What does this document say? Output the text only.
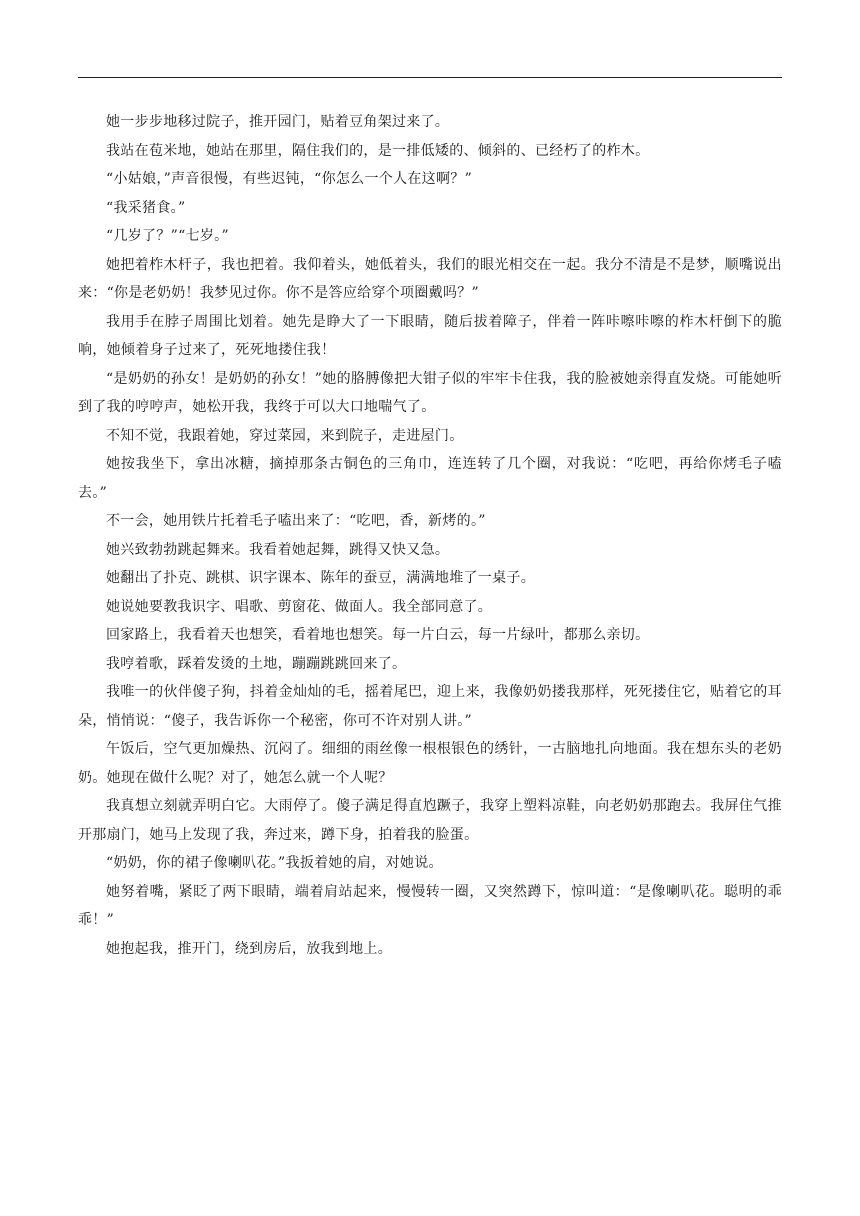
她一步步地移过院子，推开园门，贴着豆角架过来了。

我站在苞米地，她站在那里，隔住我们的，是一排低矮的、倾斜的、已经朽了的柞木。

“小姑娘，”声音很慢，有些迟钝，“你怎么一个人在这啊？”

“我采猪食。”

“几岁了？”“七岁。”

她把着柞木杆子，我也把着。我仰着头，她低着头，我们的眼光相交在一起。我分不清是不是梦，顺嘴说出来：“你是老奶奶！我梦见过你。你不是答应给穿个项圈戴吗？”

我用手在脖子周围比划着。她先是睁大了一下眼睛，随后拔着障子，伴着一阵咔嚓咔嚓的柞木杆倒下的脆响，她倾着身子过来了，死死地搂住我！

“是奶奶的孙女！是奶奶的孙女！”她的胳膊像把大钳子似的牢牢卡住我，我的脸被她亲得直发烧。可能她听到了我的哼哼声，她松开我，我终于可以大口地喘气了。

不知不觉，我跟着她，穿过菜园，来到院子，走进屋门。

她按我坐下，拿出冰糖，摘掉那条古铜色的三角巾，连连转了几个圈，对我说：“吃吧，再给你烤毛子嗑去。”

不一会，她用铁片托着毛子嗑出来了：“吃吧，香，新烤的。”

她兴致勃勃跳起舞来。我看着她起舞，跳得又快又急。

她翻出了扑克、跳棋、识字课本、陈年的蚕豆，满满地堆了一桌子。

她说她要教我识字、唱歌、剪窗花、做面人。我全部同意了。

回家路上，我看着天也想笑，看着地也想笑。每一片白云，每一片绿叶，都那么亲切。

我哼着歌，踩着发烫的土地，蹦蹦跳跳回来了。

我唯一的伙伴傻子狗，抖着金灿灿的毛，摇着尾巴，迎上来，我像奶奶搂我那样，死死搂住它，贴着它的耳朵，悄悄说：“傻子，我告诉你一个秘密，你可不许对别人讲。”

午饭后，空气更加燥热、沉闷了。细细的雨丝像一根根银色的绣针，一古脑地扎向地面。我在想东头的老奶奶。她现在做什么呢？对了，她怎么就一个人呢？

我真想立刻就弄明白它。大雨停了。傻子满足得直尥蹶子，我穿上塑料凉鞋，向老奶奶那跑去。我屏住气推开那扇门，她马上发现了我，奔过来，蹲下身，拍着我的脸蛋。

“奶奶，你的裙子像喇叭花。”我扳着她的肩，对她说。

她努着嘴，紧眨了两下眼睛，端着肩站起来，慢慢转一圈，又突然蹲下，惊叫道：“是像喇叭花。聪明的乖乖！”

她抱起我，推开门，绕到房后，放我到地上。
